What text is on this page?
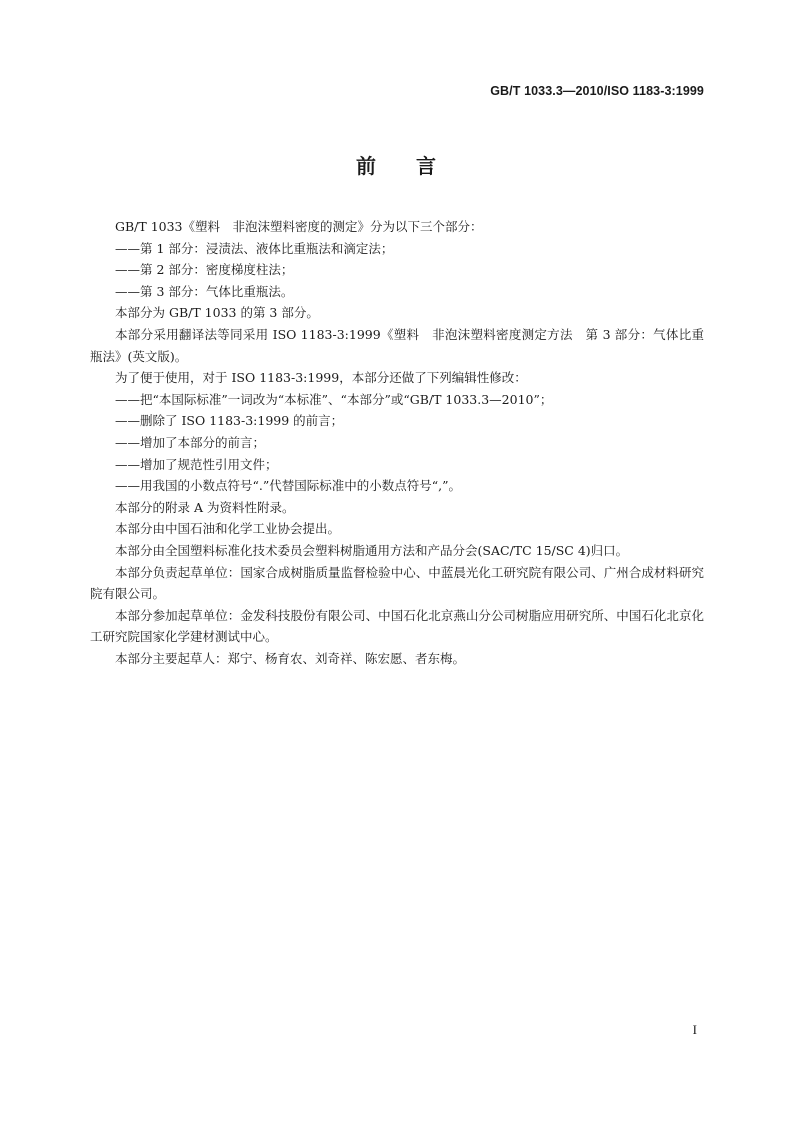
GB/T 1033.3—2010/ISO 1183-3:1999
前 言

GB/T 1033《塑料　非泡沫塑料密度的测定》分为以下三个部分：

——第 1 部分：浸渍法、液体比重瓶法和滴定法；

——第 2 部分：密度梯度柱法；

——第 3 部分：气体比重瓶法。

本部分为 GB/T 1033 的第 3 部分。

本部分采用翻译法等同采用 ISO 1183-3:1999《塑料　非泡沫塑料密度测定方法　第 3 部分：气体比重瓶法》(英文版)。

为了便于使用，对于 ISO 1183-3:1999，本部分还做了下列编辑性修改：

——把“本国际标准”一词改为“本标准”、“本部分”或“GB/T 1033.3—2010”；

——删除了 ISO 1183-3:1999 的前言；

——增加了本部分的前言；

——增加了规范性引用文件；

——用我国的小数点符号“.”代替国际标准中的小数点符号“,”。

本部分的附录 A 为资料性附录。

本部分由中国石油和化学工业协会提出。

本部分由全国塑料标准化技术委员会塑料树脂通用方法和产品分会(SAC/TC 15/SC 4)归口。

本部分负责起草单位：国家合成树脂质量监督检验中心、中蓝晨光化工研究院有限公司、广州合成材料研究院有限公司。

本部分参加起草单位：金发科技股份有限公司、中国石化北京燕山分公司树脂应用研究所、中国石化北京化工研究院国家化学建材测试中心。

本部分主要起草人：郑宁、杨育农、刘奇祥、陈宏愿、者东梅。

I
